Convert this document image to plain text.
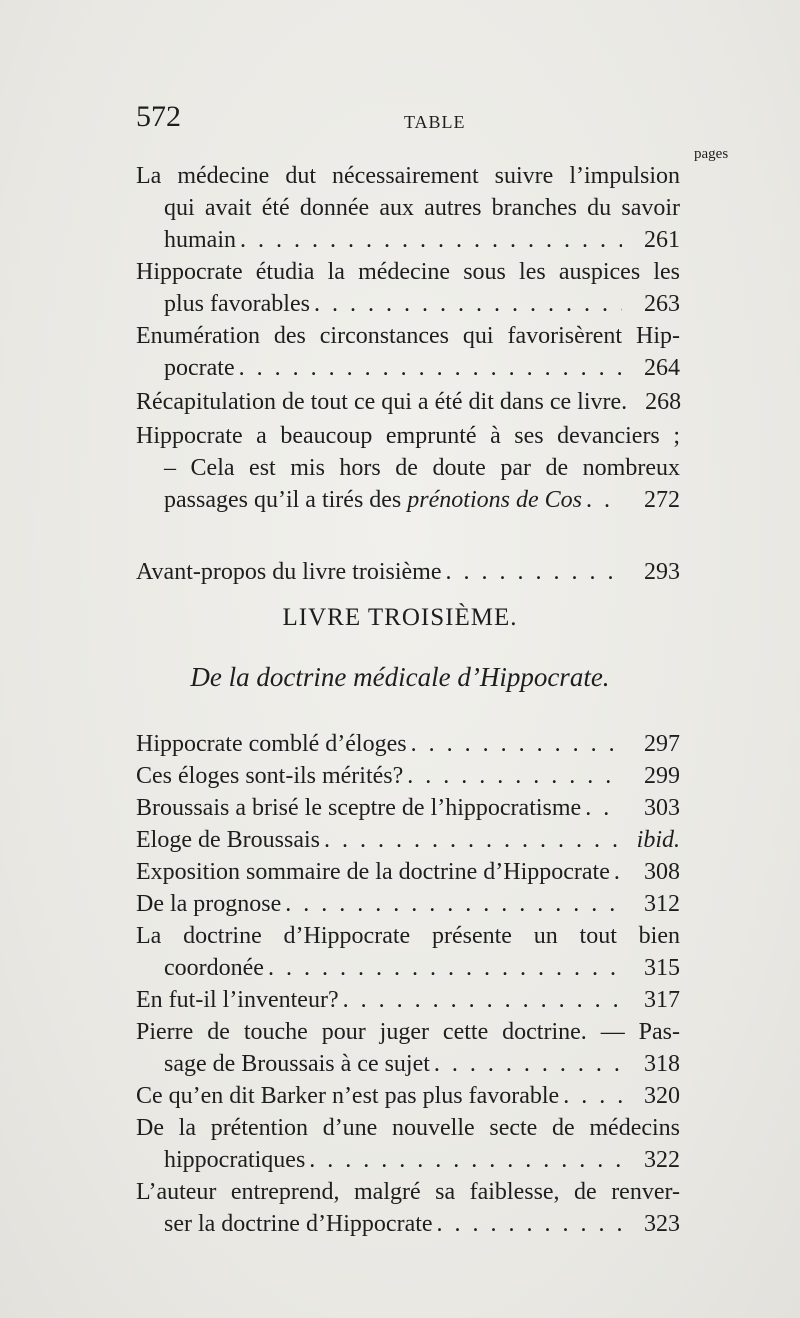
572	TABLE
pages
La médecine dut nécessairement suivre l’impulsion
qui avait été donnée aux autres branches du savoir
humain . . .	261
Hippocrate étudia la médecine sous les auspices les
plus favorables . . .	263
Enumération des circonstances qui favorisèrent Hip-
pocrate . . .	264
Récapitulation de tout ce qui a été dit dans ce livre. 268
Hippocrate a beaucoup emprunté à ses devanciers ;
– Cela est mis hors de doute par de nombreux
passages qu’il a tirés des
prénotions de Cos . . .	272
Avant-propos du livre troisième . . .	293
LIVRE TROISIÈME.
De la doctrine médicale d’Hippocrate.
Hippocrate comblé d’éloges . . .	297
Ces éloges sont-ils mérités? . . .	299
Broussais a brisé le sceptre de l’hippocratisme . . .	303
Eloge de Broussais . . .	ibid.
Exposition sommaire de la doctrine d’Hippocrate . . .	308
De la prognose . . .	312
La doctrine d’Hippocrate présente un tout bien
coordonée . . .	315
En fut-il l’inventeur? . . .	317
Pierre de touche pour juger cette doctrine. — Pas-
sage de Broussais à ce sujet . . .	318
Ce qu’en dit Barker n’est pas plus favorable . . .	320
De la prétention d’une nouvelle secte de médecins
hippocratiques . . .	322
L’auteur entreprend, malgré sa faiblesse, de renver-
ser la doctrine d’Hippocrate . . .	323
